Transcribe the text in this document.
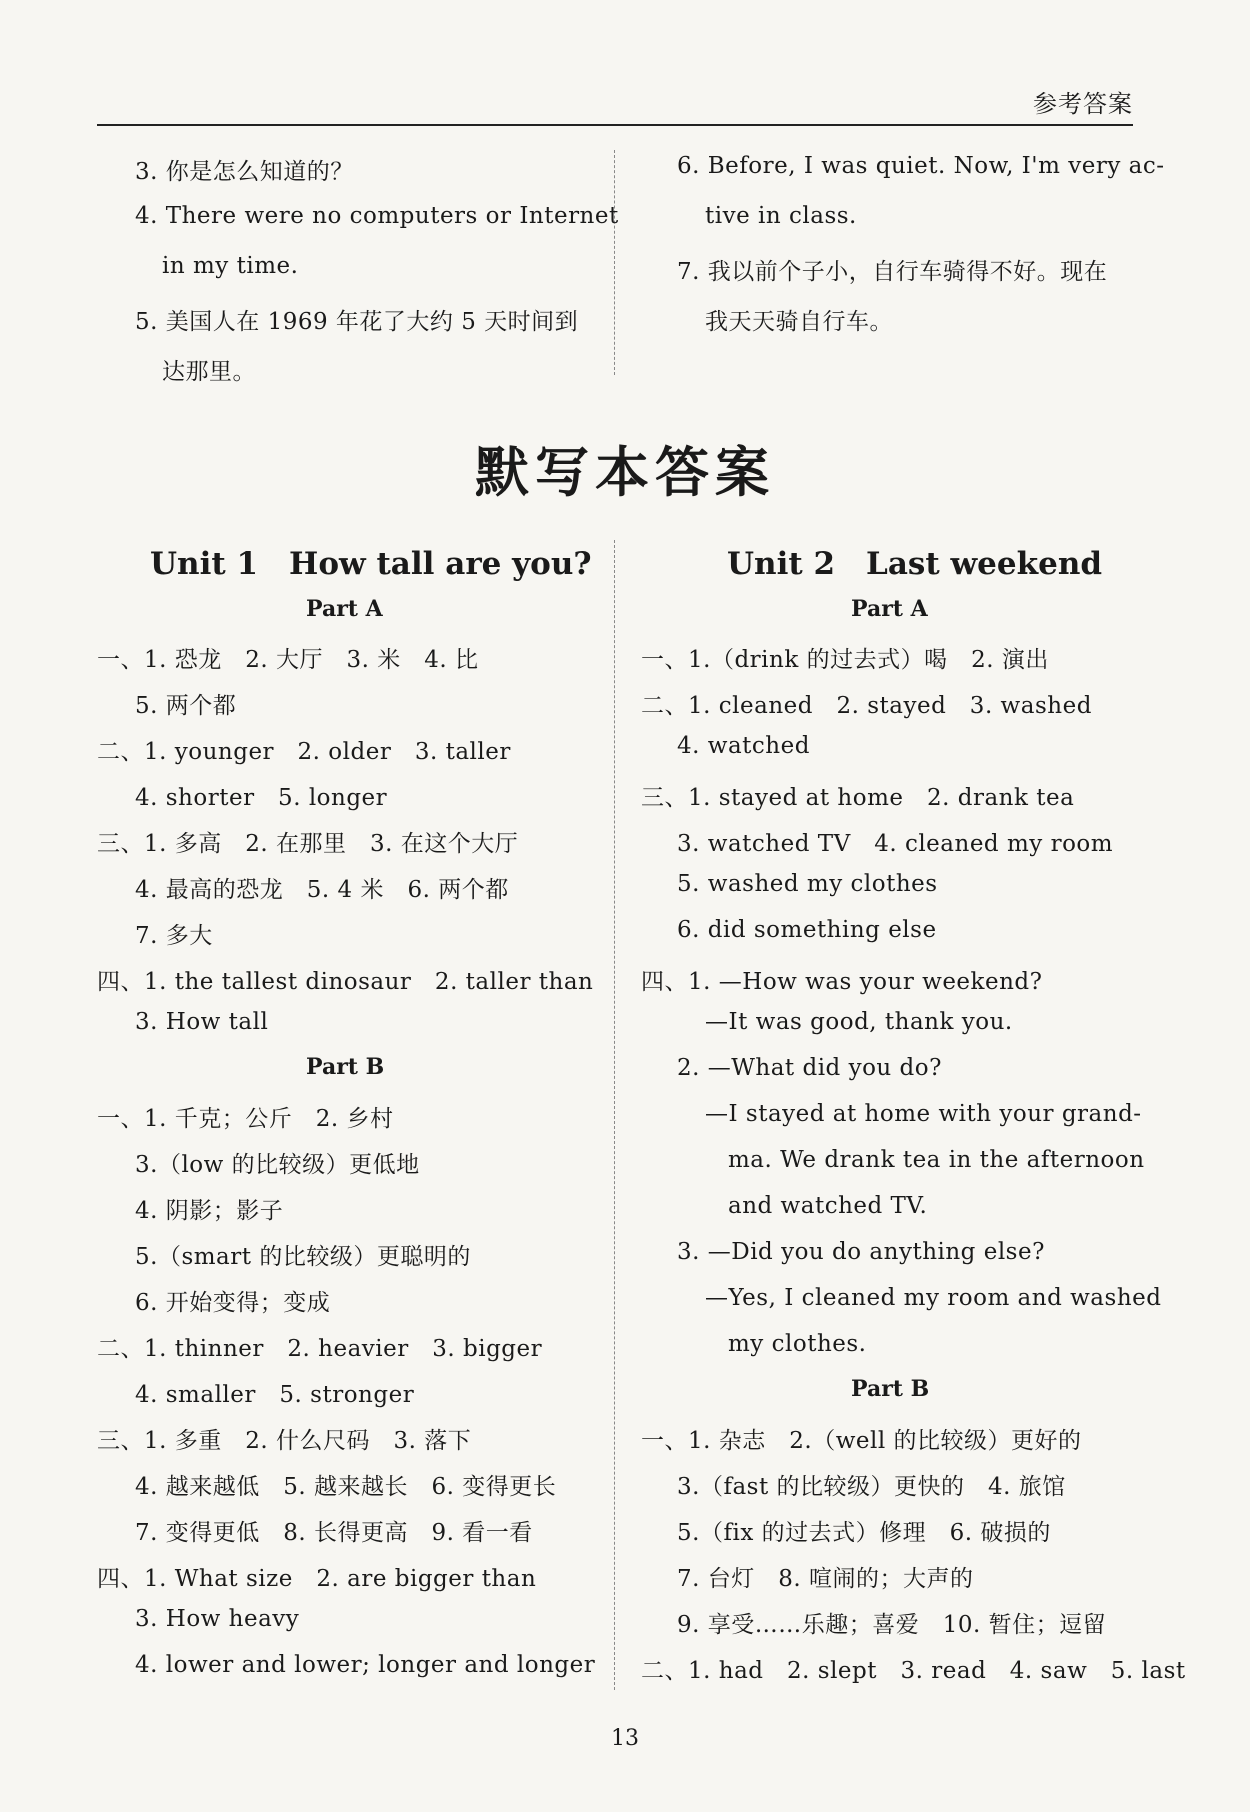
参考答案
3. 你是怎么知道的？
4. There were no computers or Internet
in my time.
5. 美国人在 1969 年花了大约 5 天时间到
达那里。
6. Before, I was quiet. Now, I'm very ac-
tive in class.
7. 我以前个子小，自行车骑得不好。现在
我天天骑自行车。
默写本答案
Unit 1　How tall are you?
Part A
一、1. 恐龙　2. 大厅　3. 米　4. 比
5. 两个都
二、1. younger　2. older　3. taller
4. shorter　5. longer
三、1. 多高　2. 在那里　3. 在这个大厅
4. 最高的恐龙　5. 4 米　6. 两个都
7. 多大
四、1. the tallest dinosaur　2. taller than
3. How tall
Part B
一、1. 千克；公斤　2. 乡村
3.（low 的比较级）更低地
4. 阴影；影子
5.（smart 的比较级）更聪明的
6. 开始变得；变成
二、1. thinner　2. heavier　3. bigger
4. smaller　5. stronger
三、1. 多重　2. 什么尺码　3. 落下
4. 越来越低　5. 越来越长　6. 变得更长
7. 变得更低　8. 长得更高　9. 看一看
四、1. What size　2. are bigger than
3. How heavy
4. lower and lower; longer and longer
Unit 2　Last weekend
Part A
一、1.（drink 的过去式）喝　2. 演出
二、1. cleaned　2. stayed　3. washed
4. watched
三、1. stayed at home　2. drank tea
3. watched TV　4. cleaned my room
5. washed my clothes
6. did something else
四、1. —How was your weekend?
—It was good, thank you.
2. —What did you do?
—I stayed at home with your grand-
ma. We drank tea in the afternoon
and watched TV.
3. —Did you do anything else?
—Yes, I cleaned my room and washed
my clothes.
Part B
一、1. 杂志　2.（well 的比较级）更好的
3.（fast 的比较级）更快的　4. 旅馆
5.（fix 的过去式）修理　6. 破损的
7. 台灯　8. 喧闹的；大声的
9. 享受……乐趣；喜爱　10. 暂住；逗留
二、1. had　2. slept　3. read　4. saw　5. last
13
